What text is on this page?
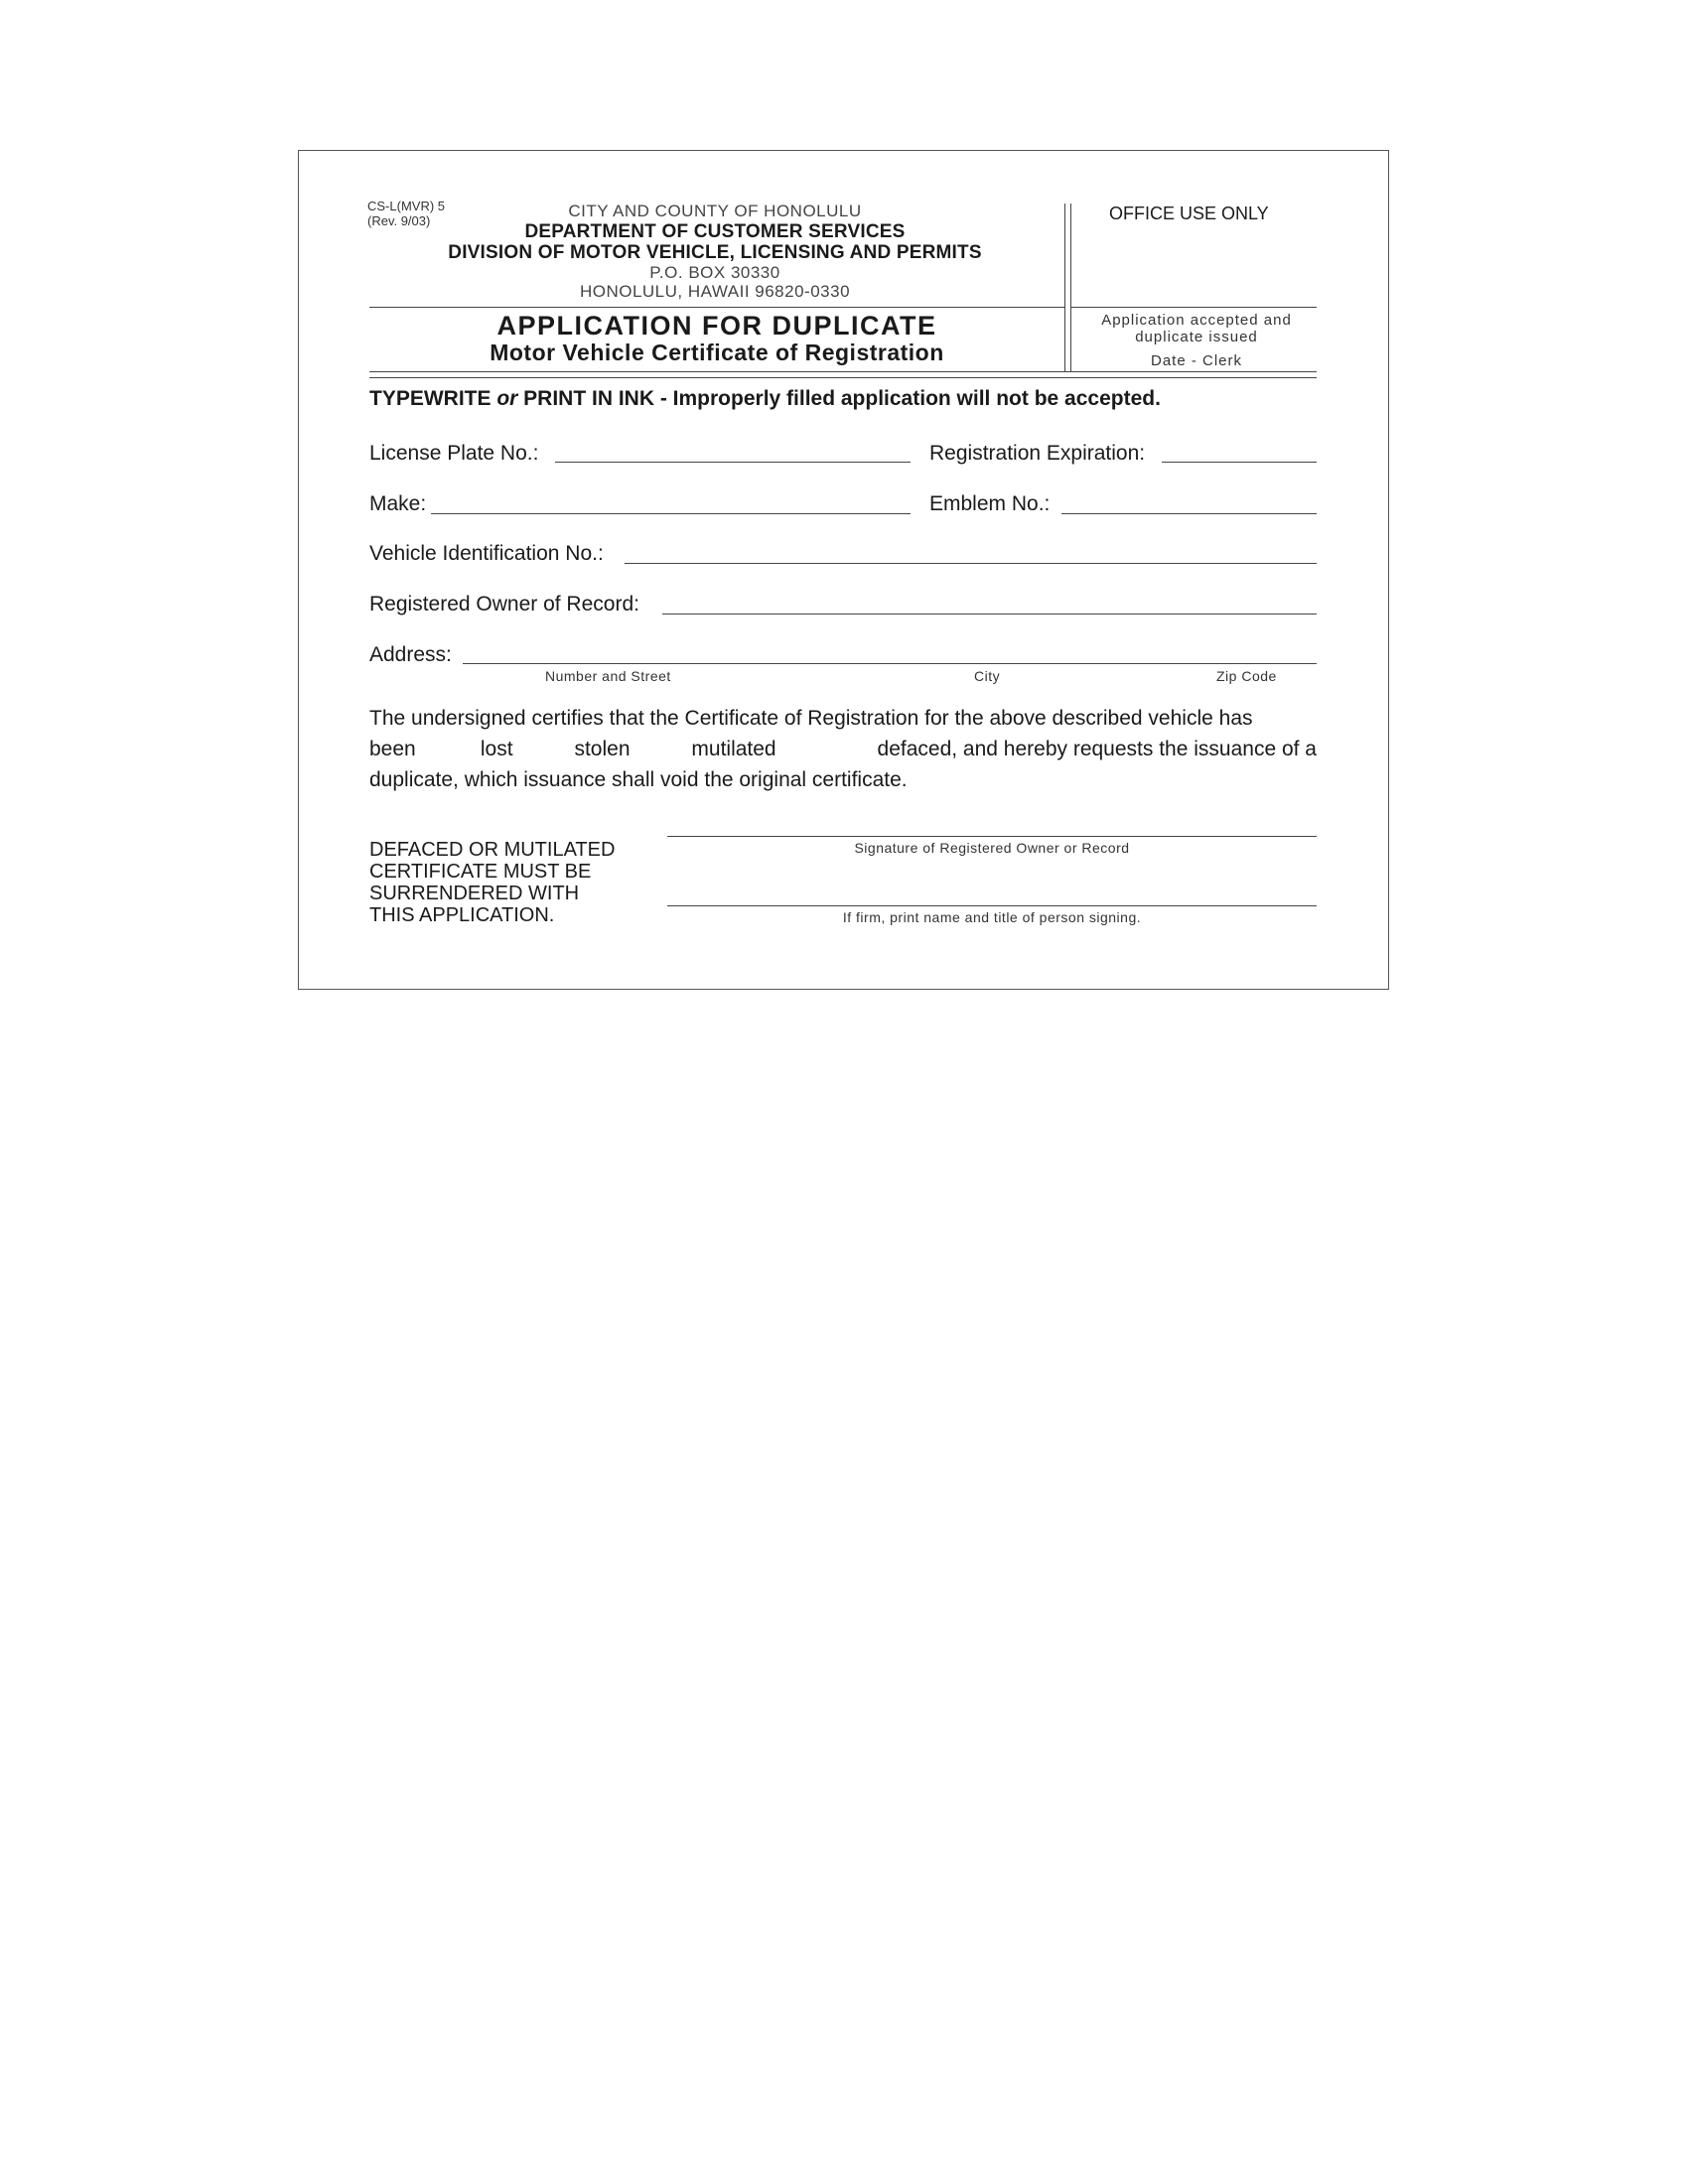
CS-L(MVR) 5
(Rev. 9/03)
CITY AND COUNTY OF HONOLULU
DEPARTMENT OF CUSTOMER SERVICES
DIVISION OF MOTOR VEHICLE, LICENSING AND PERMITS
P.O. BOX 30330
HONOLULU, HAWAII 96820-0330
OFFICE USE ONLY
Application accepted and
duplicate issued
Date - Clerk
APPLICATION FOR DUPLICATE
Motor Vehicle Certificate of Registration
TYPEWRITE or PRINT IN INK - Improperly filled application will not be accepted.
License Plate No.:	Registration Expiration:
Make:	Emblem No.:
Vehicle Identification No.:
Registered Owner of Record:
Address:
Number and Street	City	Zip Code
The undersigned certifies that the Certificate of Registration for the above described vehicle has
been	lost	stolen	mutilated	defaced, and hereby requests the issuance of a
duplicate, which issuance shall void the original certificate.
DEFACED OR MUTILATED
CERTIFICATE MUST BE
SURRENDERED WITH
THIS APPLICATION.
Signature of Registered Owner or Record
If firm, print name and title of person signing.
